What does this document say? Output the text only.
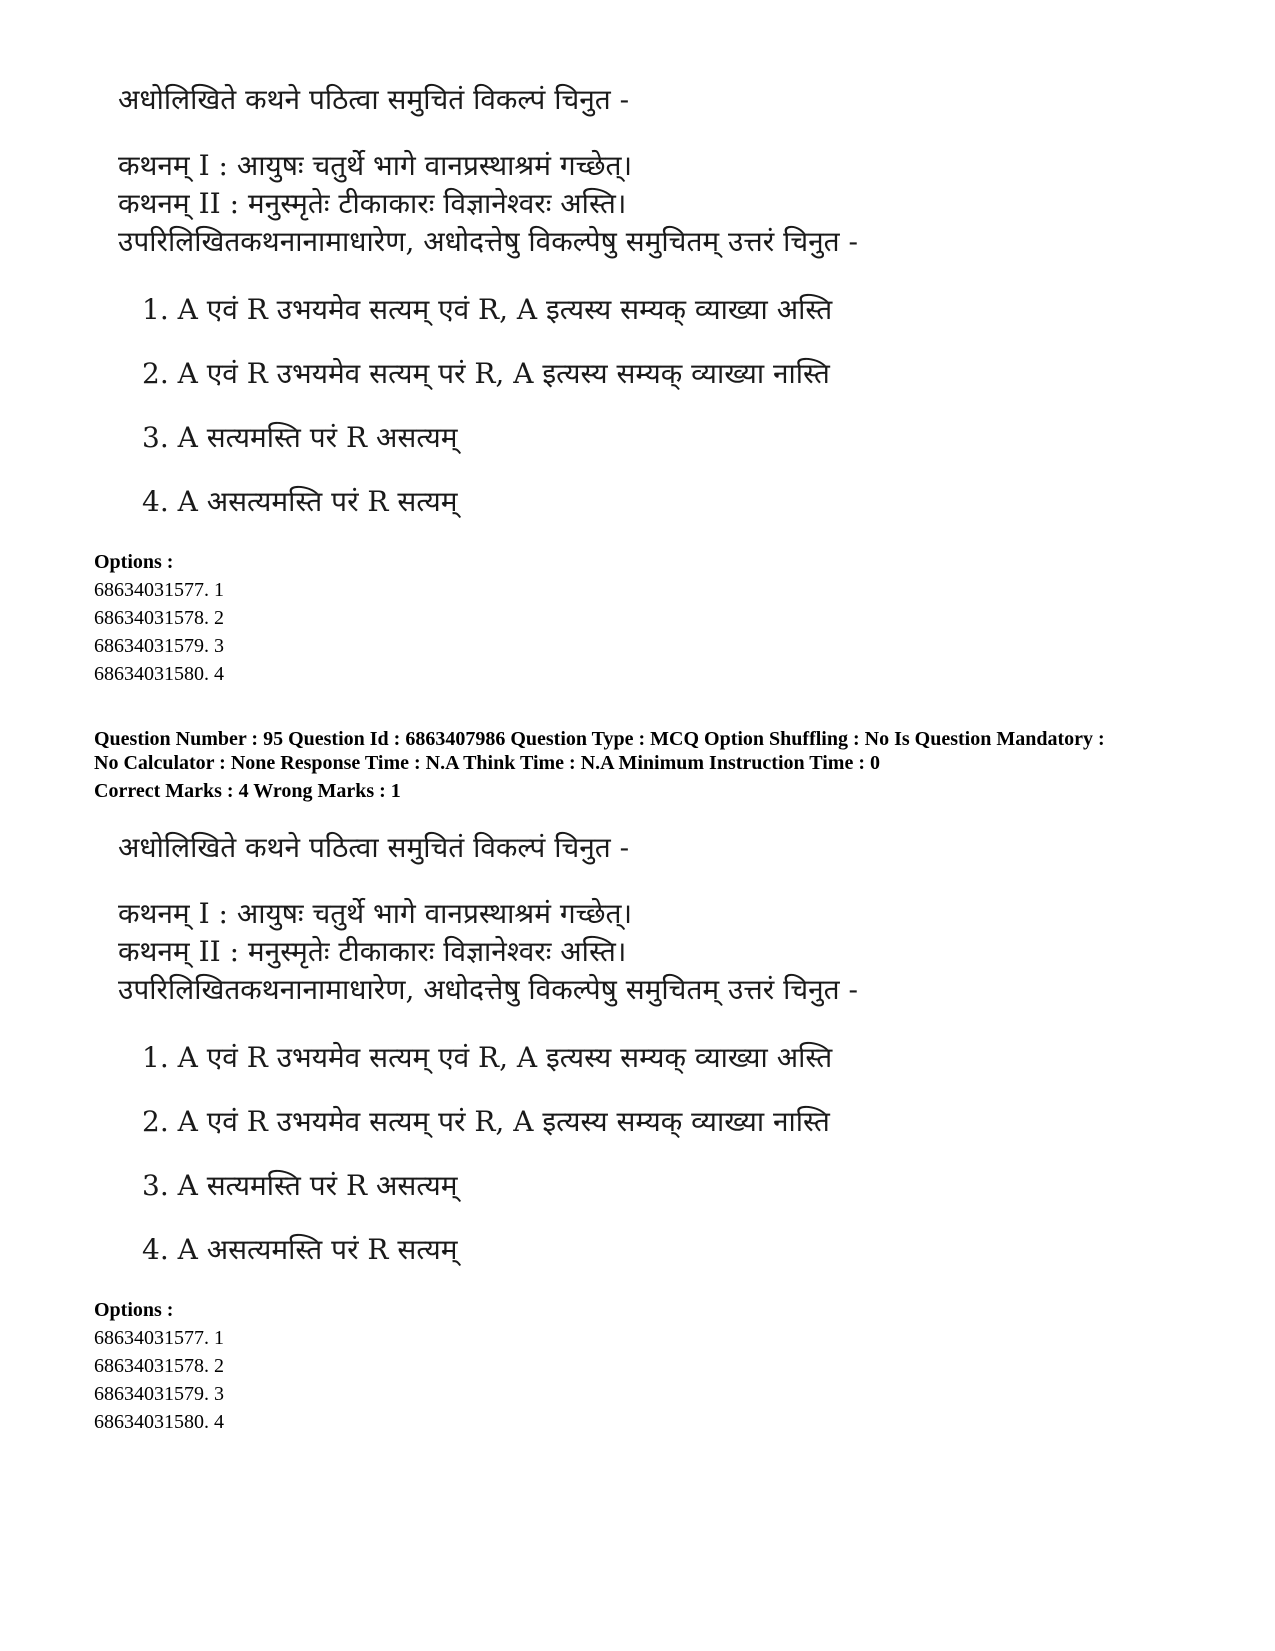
अधोलिखिते कथने पठित्वा समुचितं विकल्पं चिनुत -
कथनम् I : आयुषः चतुर्थे भागे वानप्रस्थाश्रमं गच्छेत्।
कथनम् II : मनुस्मृतेः टीकाकारः विज्ञानेश्वरः अस्ति।
उपरिलिखितकथनानामाधारेण, अधोदत्तेषु विकल्पेषु समुचितम् उत्तरं चिनुत -
1. A एवं R उभयमेव सत्यम् एवं R, A इत्यस्य सम्यक् व्याख्या अस्ति
2. A एवं R उभयमेव सत्यम् परं R, A इत्यस्य सम्यक् व्याख्या नास्ति
3. A सत्यमस्ति परं R असत्यम्
4. A असत्यमस्ति परं R सत्यम्
Options :
68634031577. 1
68634031578. 2
68634031579. 3
68634031580. 4
Question Number : 95 Question Id : 6863407986 Question Type : MCQ Option Shuffling : No Is Question Mandatory :
No Calculator : None Response Time : N.A Think Time : N.A Minimum Instruction Time : 0
Correct Marks : 4 Wrong Marks : 1
अधोलिखिते कथने पठित्वा समुचितं विकल्पं चिनुत -
कथनम् I : आयुषः चतुर्थे भागे वानप्रस्थाश्रमं गच्छेत्।
कथनम् II : मनुस्मृतेः टीकाकारः विज्ञानेश्वरः अस्ति।
उपरिलिखितकथनानामाधारेण, अधोदत्तेषु विकल्पेषु समुचितम् उत्तरं चिनुत -
1. A एवं R उभयमेव सत्यम् एवं R, A इत्यस्य सम्यक् व्याख्या अस्ति
2. A एवं R उभयमेव सत्यम् परं R, A इत्यस्य सम्यक् व्याख्या नास्ति
3. A सत्यमस्ति परं R असत्यम्
4. A असत्यमस्ति परं R सत्यम्
Options :
68634031577. 1
68634031578. 2
68634031579. 3
68634031580. 4
